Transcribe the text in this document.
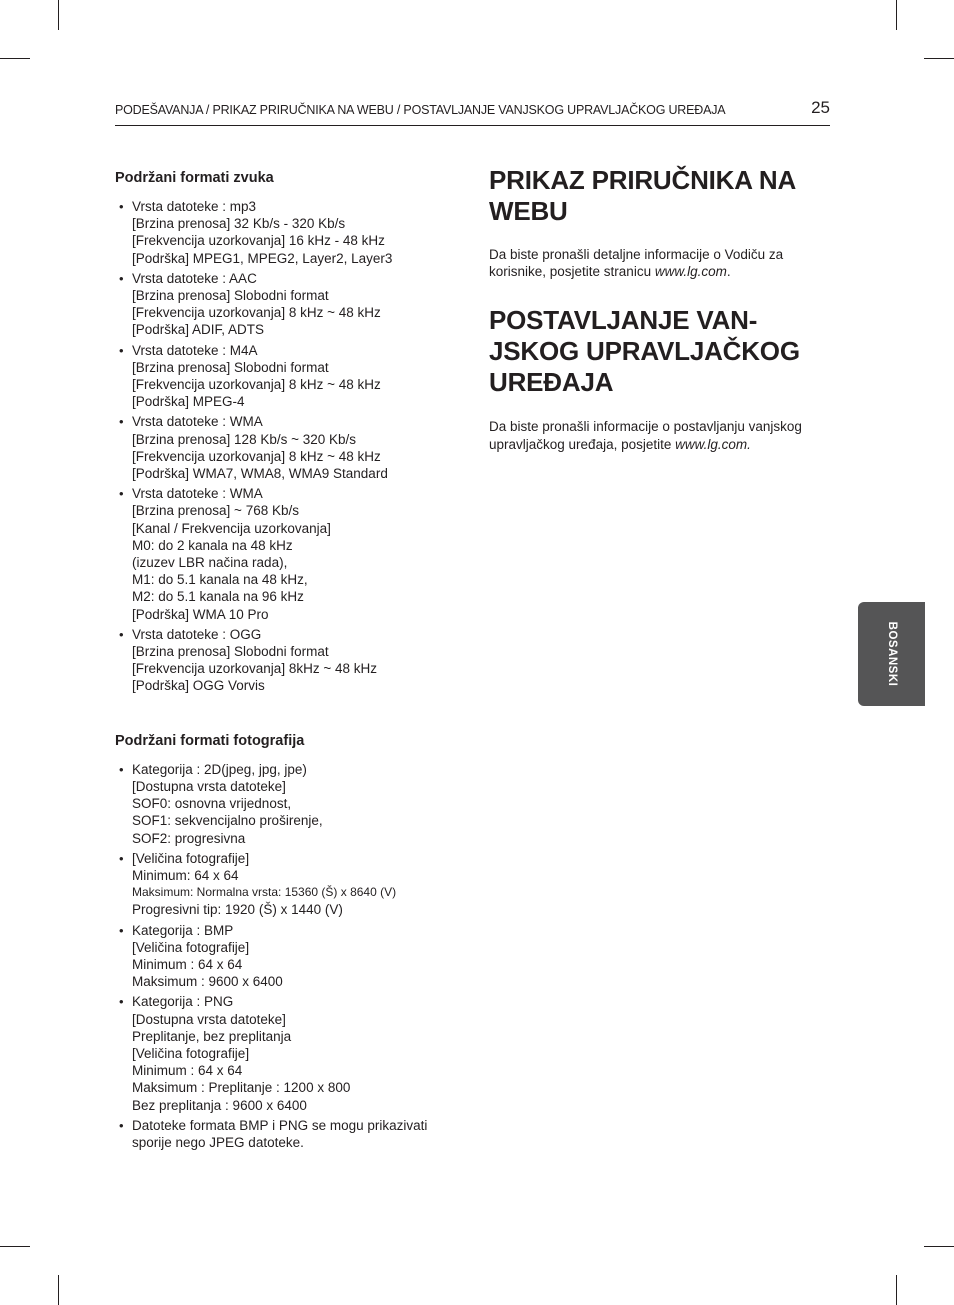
PODEŠAVANJA / PRIKAZ PRIRUČNIKA NA WEBU / POSTAVLJANJE VANJSKOG UPRAVLJAČKOG UREĐAJA	25
Podržani formati zvuka
• Vrsta datoteke : mp3
[Brzina prenosa] 32 Kb/s - 320 Kb/s
[Frekvencija uzorkovanja] 16 kHz - 48 kHz
[Podrška] MPEG1, MPEG2, Layer2, Layer3
• Vrsta datoteke : AAC
[Brzina prenosa] Slobodni format
[Frekvencija uzorkovanja] 8 kHz ~ 48 kHz
[Podrška] ADIF, ADTS
• Vrsta datoteke : M4A
[Brzina prenosa] Slobodni format
[Frekvencija uzorkovanja] 8 kHz ~ 48 kHz
[Podrška] MPEG-4
• Vrsta datoteke : WMA
[Brzina prenosa] 128 Kb/s ~ 320 Kb/s
[Frekvencija uzorkovanja] 8 kHz ~ 48 kHz
[Podrška] WMA7, WMA8, WMA9 Standard
• Vrsta datoteke : WMA
[Brzina prenosa] ~ 768 Kb/s
[Kanal / Frekvencija uzorkovanja]
M0: do 2 kanala na 48 kHz
(izuzev LBR načina rada),
M1: do 5.1 kanala na 48 kHz,
M2: do 5.1 kanala na 96 kHz
[Podrška] WMA 10 Pro
• Vrsta datoteke : OGG
[Brzina prenosa] Slobodni format
[Frekvencija uzorkovanja] 8kHz ~ 48 kHz
[Podrška] OGG Vorvis
Podržani formati fotografija
• Kategorija : 2D(jpeg, jpg, jpe)
[Dostupna vrsta datoteke]
SOF0: osnovna vrijednost,
SOF1: sekvencijalno proširenje,
SOF2: progresivna
• [Veličina fotografije]
Minimum: 64 x 64
Maksimum: Normalna vrsta: 15360 (Š) x 8640 (V)
Progresivni tip: 1920 (Š) x 1440 (V)
• Kategorija : BMP
[Veličina fotografije]
Minimum : 64 x 64
Maksimum : 9600 x 6400
• Kategorija : PNG
[Dostupna vrsta datoteke]
Preplitanje, bez preplitanja
[Veličina fotografije]
Minimum : 64 x 64
Maksimum : Preplitanje : 1200 x 800
Bez preplitanja : 9600 x 6400
• Datoteke formata BMP i PNG se mogu prikazivati
sporije nego JPEG datoteke.
PRIKAZ PRIRUČNIKA NA
WEBU

Da biste pronašli detaljne informacije o Vodiču za
korisnike, posjetite stranicu www.lg.com.

POSTAVLJANJE VAN-
JSKOG UPRAVLJAČKOG
UREĐAJA

Da biste pronašli informacije o postavljanju vanjskog
upravljačkog uređaja, posjetite www.lg.com.

BOSANSKI
